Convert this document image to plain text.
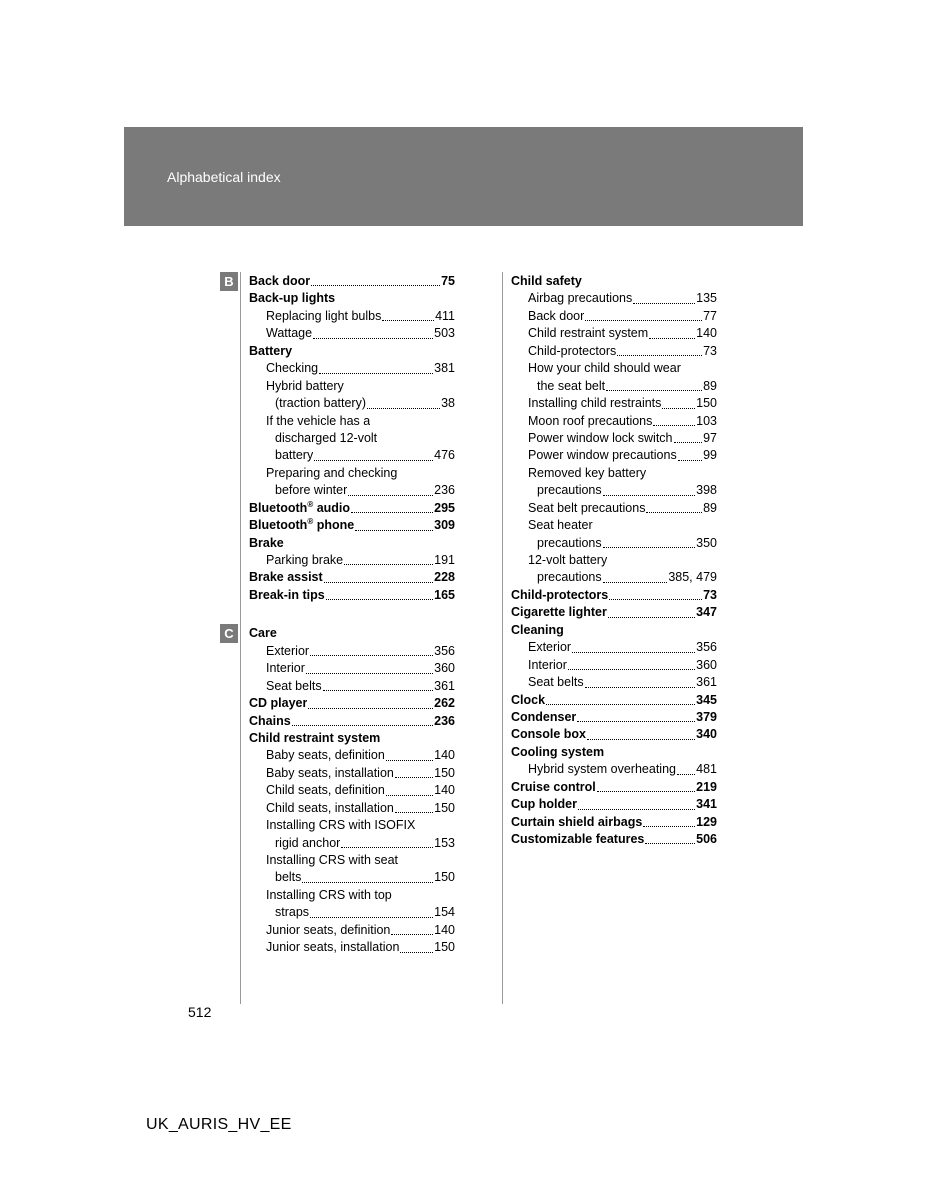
Alphabetical index
B
C
Back door	75
Back-up lights
Replacing light bulbs	411
Wattage	503
Battery
Checking	381
Hybrid battery
(traction battery)	38
If the vehicle has a
discharged 12-volt
battery	476
Preparing and checking
before winter	236
Bluetooth® audio	295
Bluetooth® phone	309
Brake
Parking brake	191
Brake assist	228
Break-in tips	165
Care
Exterior	356
Interior	360
Seat belts	361
CD player	262
Chains	236
Child restraint system
Baby seats, definition	140
Baby seats, installation	150
Child seats, definition	140
Child seats, installation	150
Installing CRS with ISOFIX
rigid anchor	153
Installing CRS with seat
belts	150
Installing CRS with top
straps	154
Junior seats, definition	140
Junior seats, installation	150
Child safety
Airbag precautions	135
Back door	77
Child restraint system	140
Child-protectors	73
How your child should wear
the seat belt	89
Installing child restraints	150
Moon roof precautions	103
Power window lock switch 97
Power window precautions 99
Removed key battery
precautions	398
Seat belt precautions	89
Seat heater
precautions	350
12-volt battery
precautions	385, 479
Child-protectors	73
Cigarette lighter	347
Cleaning
Exterior	356
Interior	360
Seat belts	361
Clock	345
Condenser	379
Console box	340
Cooling system
Hybrid system overheating 481
Cruise control	219
Cup holder	341
Curtain shield airbags	129
Customizable features	506
512
UK_AURIS_HV_EE
